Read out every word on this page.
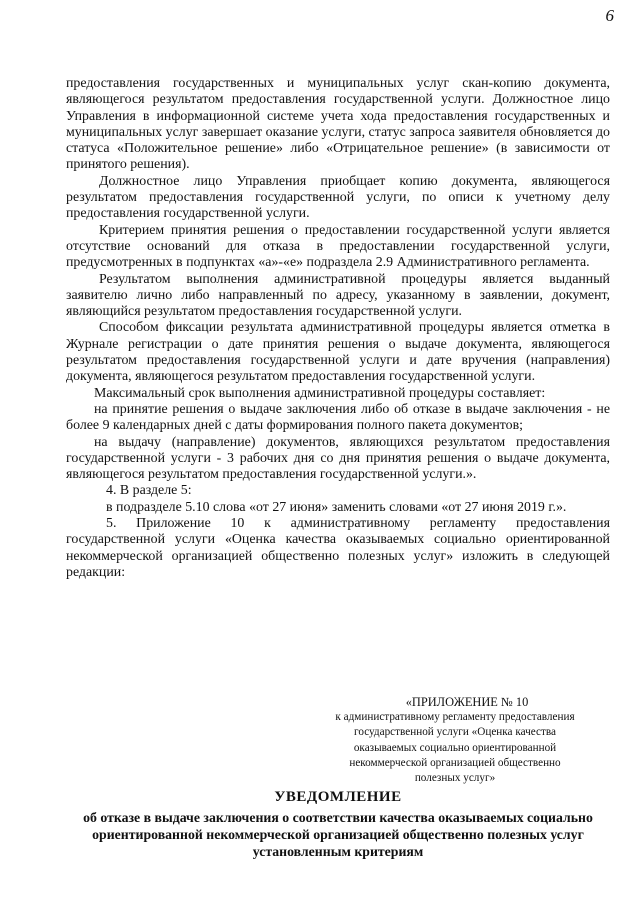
6

предоставления государственных и муниципальных услуг скан-копию документа, являющегося результатом предоставления государственной услуги. Должностное лицо Управления в информационной системе учета хода предоставления государственных и муниципальных услуг завершает оказание услуги, статус запроса заявителя обновляется до статуса «Положительное решение» либо «Отрицательное решение» (в зависимости от принятого решения).

Должностное лицо Управления приобщает копию документа, являющегося результатом предоставления государственной услуги, по описи к учетному делу предоставления государственной услуги.

Критерием принятия решения о предоставлении государственной услуги является отсутствие оснований для отказа в предоставлении государственной услуги, предусмотренных в подпунктах «а»-«е» подраздела 2.9 Административного регламента.

Результатом выполнения административной процедуры является выданный заявителю лично либо направленный по адресу, указанному в заявлении, документ, являющийся результатом предоставления государственной услуги.

Способом фиксации результата административной процедуры является отметка в Журнале регистрации о дате принятия решения о выдаче документа, являющегося результатом предоставления государственной услуги и дате вручения (направления) документа, являющегося результатом предоставления государственной услуги.

Максимальный срок выполнения административной процедуры составляет:

на принятие решения о выдаче заключения либо об отказе в выдаче заключения - не более 9 календарных дней с даты формирования полного пакета документов;

на выдачу (направление) документов, являющихся результатом предоставления государственной услуги - 3 рабочих дня со дня принятия решения о выдаче документа, являющегося результатом предоставления государственной услуги.».

4. В разделе 5:

в подразделе 5.10 слова «от 27 июня» заменить словами «от 27 июня 2019 г.».

5. Приложение 10 к административному регламенту предоставления государственной услуги «Оценка качества оказываемых социально ориентированной некоммерческой организацией общественно полезных услуг» изложить в следующей редакции:

«ПРИЛОЖЕНИЕ № 10
к административному регламенту предоставления
государственной услуги «Оценка качества
оказываемых социально ориентированной
некоммерческой организацией общественно
полезных услуг»
УВЕДОМЛЕНИЕ
об отказе в выдаче заключения о соответствии качества оказываемых социально ориентированной некоммерческой организацией общественно полезных услуг установленным критериям
